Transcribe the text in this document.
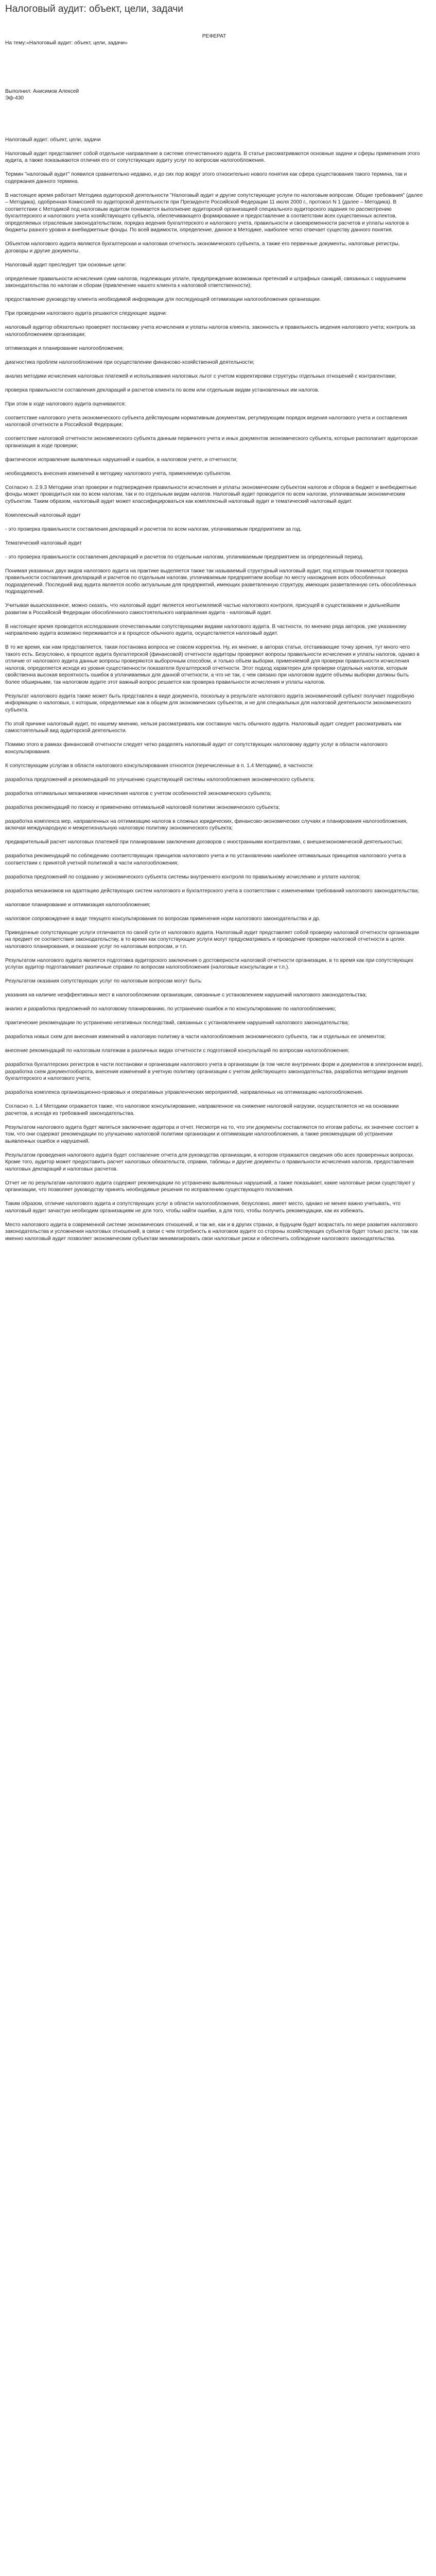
Налоговый аудит: объект, цели, задачи

РЕФЕРАТ

На тему:«Налоговый аудит: объект, цели, задачи»

Выполнил: Анисимов Алексей

Эф-430

Налоговый аудит: объект, цели, задачи

Налоговый аудит представляет собой отдельное направление в системе отечественного аудита. В статье рассматриваются основные задачи и сферы применения этого аудита, а также показываются отличия его от сопутствующих аудиту услуг по вопросам налогообложения.

Термин "налоговый аудит" появился сравнительно недавно, и до сих пор вокруг этого относительно нового понятия как сфера существования такого термина, так и содержания данного термина.

В настоящее время работает Методика аудиторской деятельности "Налоговый аудит и другие сопутствующие услуги по налоговым вопросам. Общие требования" (далее – Методика), одобренная Комиссией по аудиторской деятельности при Президенте Российской Федерации 11 июля 2000 г., протокол N 1 (далее – Методика). В соответствии с Методикой под налоговым аудитом понимается выполнение аудиторской организацией специального аудиторского задания по рассмотрению бухгалтерского и налогового учета хозяйствующего субъекта, обеспечивающего формирование и предоставление в соответствии всех существенных аспектов, определяемых отраслевым законодательством, порядка ведения бухгалтерского и налогового учета, правильности и своевременности расчетов и уплаты налогов в бюджеты разного уровня и внебюджетные фонды. По всей видимости, определение, данное в Методике, наиболее четко отвечает существу данного понятия.

Объектом налогового аудита являются бухгалтерская и налоговая отчетность экономического субъекта, а также его первичные документы, налоговые регистры, договоры и другие документы.

Налоговый аудит преследует три основные цели:

определение правильности исчисления сумм налогов, подлежащих уплате, предупреждение возможных претензий и штрафных санкций, связанных с нарушением законодательства по налогам и сборам (привлечение нашего клиента к налоговой ответственности);

предоставление руководству клиента необходимой информации для последующей оптимизации налогообложения организации.

При проведении налогового аудита решаются следующие задачи:

налоговый аудитор обязательно проверяет постановку учета исчисления и уплаты налогов клиента, законность и правильность ведения налогового учета; контроль за налогообложением организации;

оптимизация и планирование налогообложения;

диагностика проблем налогообложения при осуществлении финансово-хозяйственной деятельности;

анализ методики исчисления налоговых платежей и использования налоговых льгот с учетом корректировки структуры отдельных отношений с контрагентами;

проверка правильности составления деклараций и расчетов клиента по всем или отдельным видам установленных им налогов.

При этом в ходе налогового аудита оцениваются:

соответствие налогового учета экономического субъекта действующим нормативным документам, регулирующим порядок ведения налогового учета и составления налоговой отчетности в Российской Федерации;

соответствие налоговой отчетности экономического субъекта данным первичного учета и иных документов экономического субъекта, которые располагает аудиторская организация в ходе проверки;

фактическое исправление выявленных нарушений и ошибок, в налоговом учете, и отчетности;

необходимость внесения изменений в методику налогового учета, применяемую субъектом.

Согласно п. 2.9.3 Методики этап проверки и подтверждения правильности исчисления и уплаты экономическим субъектом налогов и сборов в бюджет и внебюджетные фонды может проводиться как по всем налогам, так и по отдельным видам налогов. Налоговый аудит проводится по всем налогам, уплачиваемым экономическим субъектом. Таким образом, налоговый аудит может классифицироваться как комплексный налоговый аудит и тематический налоговый аудит.

Комплексный налоговый аудит

- это проверка правильности составления деклараций и расчетов по всем налогам, уплачиваемым предприятием за год.

Тематический налоговый аудит

- это проверка правильности составления деклараций и расчетов по отдельным налогам, уплачиваемым предприятием за определенный период.

Понимая указанных двух видов налогового аудита на практике выделяется также так называемый структурный налоговый аудит, под которым понимается проверка правильности составления деклараций и расчетов по отдельным налогам, уплачиваемым предприятием вообще по месту нахождения всех обособленных подразделений. Последний вид аудита является особо актуальным для предприятий, имеющих разветвленную структуру, имеющих разветвленную сеть обособленных подразделений.

Учитывая вышесказанное, можно сказать, что налоговый аудит является неотъемлемой частью налогового контроля, присущей в существовании и дальнейшем развитии в Российской Федерации обособленного самостоятельного направления аудита - налоговый аудит.

В настоящее время проводятся исследования отечественными сопутствующими видами налогового аудита. В частности, по мнению ряда авторов, уже указанному направлению аудита возможно переживается и в процессе обычного аудита, осуществляется налоговый аудит.

В то же время, как нам представляется, такая постановка вопроса не совсем корректна. Ну, их мнение, в авторах статьи, отстаивающие точку зрения, тут много чего такого есть. Безусловно, в процессе аудита бухгалтерской (финансовой) отчетности аудиторы проверяют вопросы правильности исчисления и уплаты налогов, однако в отличие от налогового аудита данные вопросы проверяются выборочным способом, и только объем выборки, применяемой для проверки правильности исчисления налогов, определяется исходя из уровня существенности показателя бухгалтерской отчетности. Этот подход характерен для проверки отдельных налогов, которым свойственна высокая вероятность ошибок в уплачиваемых для данной отчетности, а что не так, с чем связано при налоговом аудите объемы выборки должны быть более обширными, так налоговом аудите этот важный вопрос решается как проверка правильности исчисления и уплаты налогов.

Результат налогового аудита также может быть представлен в виде документа, поскольку в результате налогового аудита экономический субъект получает подробную информацию о налоговых, с которым, определяемые как в общем для экономических субъектов, и не для специальных для налоговой деятельности экономического субъекта.

По этой причине налоговый аудит, по нашему мнению, нельзя рассматривать как составную часть обычного аудита. Налоговый аудит следует рассматривать как самостоятельный вид аудиторской деятельности.

Помимо этого в рамках финансовой отчетности следует четко разделять налоговый аудит от сопутствующих налоговому аудиту услуг в области налогового консультирования.

К сопутствующим услугам в области налогового консультирования относятся (перечисленные в п. 1.4 Методики), в частности:

разработка предложений и рекомендаций по улучшению существующей системы налогообложения экономического субъекта;

разработка оптимальных механизмов начисления налогов с учетом особенностей экономического субъекта;

разработка рекомендаций по поиску и применению оптимальной налоговой политики экономического субъекта;

разработка комплекса мер, направленных на оптимизацию налогов в сложных юридических, финансово-экономических случаях и планирования налогообложения, включая международную и межрегиональную налоговую политику экономического субъекта;

предварительный расчет налоговых платежей при планировании заключения договоров с иностранными контрагентами, с внешнеэкономической деятельностью;

разработка рекомендаций по соблюдению соответствующих принципов налогового учета и по установлению наиболее оптимальных принципов налогового учета в соответствии с принятой учетной политикой в части налогообложения;

разработка предложений по созданию у экономического субъекта системы внутреннего контроля по правильному исчислению и уплате налогов;

разработка механизмов на адаптацию действующих систем налогового и бухгалтерского учета в соответствии с изменениями требований налогового законодательства;

налоговое планирование и оптимизация налогообложения;

налоговое сопровождение в виде текущего консультирования по вопросам применения норм налогового законодательства и др.

Приведенные сопутствующие услуги отличаются по своей сути от налогового аудита. Налоговый аудит представляет собой проверку налоговой отчетности организации на предмет ее соответствия законодательству, в то время как сопутствующие услуги могут предусматривать и проведение проверки налоговой отчетности в целях налогового планирования, и оказание услуг по налоговым вопросам, и т.п.

Результатом налогового аудита является подготовка аудиторского заключения о достоверности налоговой отчетности организации, в то время как при сопутствующих услугах аудитор подготавливает различные справки по вопросам налогообложения (налоговые консультации и т.п.).

Результатом оказания сопутствующих услуг по налоговым вопросам могут быть:

указания на наличие неэффективных мест в налогообложении организации, связанные с установлением нарушений налогового законодательства;

анализ и разработка предложений по налоговому планированию, по устранению ошибок и по консультированию по налогообложению;

практические рекомендации по устранению негативных последствий, связанных с установлением нарушений налогового законодательства;

разработка новых схем для внесения изменений в налоговую политику в части налогообложения экономического субъекта, так и отдельных ее элементов;

внесение рекомендаций по налоговым платежам в различных видах отчетности с подготовкой консультаций по вопросам налогообложения;

разработка бухгалтерских регистров в части постановки и организации налогового учета в организации (в том числе внутренних форм и документов в электронном виде), разработка схем документооборота, внесения изменений в учетную политику организации с учетом действующего законодательства, разработка методики ведения бухгалтерского и налогового учета;

разработка комплекса организационно-правовых и оперативных управленческих мероприятий, направленных на оптимизацию налогообложения.

Согласно п. 1.4 Методики отражается также, что налоговое консультирование, направленное на снижение налоговой нагрузки, осуществляется не на основании расчетов, а исходя из требований законодательства.

Результатом налогового аудита будет являться заключение аудитора и отчет. Несмотря на то, что эти документы составляются по итогам работы, их значение состоит в том, что они содержат рекомендации по улучшению налоговой политики организации и оптимизации налогообложения, а также рекомендации об устранении выявленных ошибок и нарушений.

Результатом проведения налогового аудита будет составление отчета для руководства организации, в котором отражаются сведения обо всех проверенных вопросах. Кроме того, аудитор может предоставить расчет налоговых обязательств, справки, таблицы и другие документы о правильности исчисления налогов, предоставления налоговых деклараций и налоговых расчетов.

Отчет не по результатам налогового аудита содержит рекомендации по устранению выявленных нарушений, а также показывает, какие налоговые риски существуют у организации, что позволяет руководству принять необходимые решения по исправлению существующего положения.

Таким образом, отличие налогового аудита и сопутствующих услуг в области налогообложения, безусловно, имеет место, однако не менее важно учитывать, что налоговый аудит зачастую необходим организациям не для того, чтобы найти ошибки, а для того, чтобы получить рекомендации, как их избежать.

Место налогового аудита в современной системе экономических отношений, и так же, как и в других странах, в будущем будет возрастать по мере развития налогового законодательства и усложнения налоговых отношений, в связи с чем потребность в налоговом аудите со стороны хозяйствующих субъектов будет только расти, так как именно налоговый аудит позволяет экономическим субъектам минимизировать свои налоговые риски и обеспечить соблюдение налогового законодательства.
